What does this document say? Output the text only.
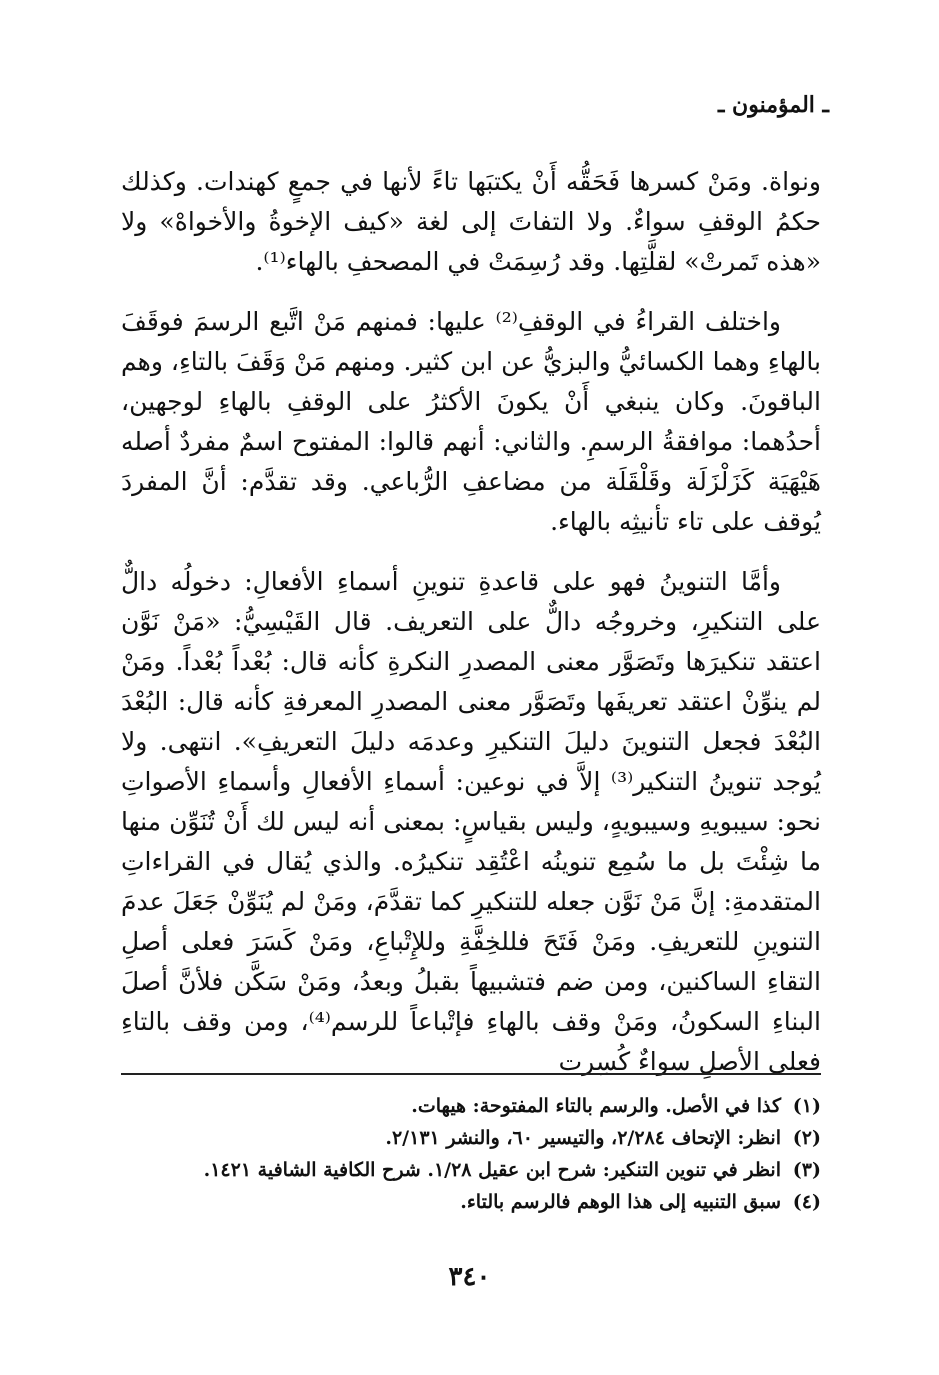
ـ المؤمنون ـ

ونواة. ومَنْ كسرها فَحَقُّه أَنْ يكتبَها تاءً لأنها في جمعٍ كهندات. وكذلك حكمُ الوقفِ سواءٌ. ولا التفاتَ إلى لغة «كيف الإخوةُ والأخواهْ» ولا «هذه تَمرتْ» لقلَّتِها. وقد رُسِمَتْ في المصحفِ بالهاء⁽¹⁾.

واختلف القراءُ في الوقفِ⁽²⁾ عليها: فمنهم مَنْ اتَّبع الرسمَ فوقَفَ بالهاءِ وهما الكسائيُّ والبزيُّ عن ابن كثير. ومنهم مَنْ وَقَفَ بالتاءِ، وهم الباقونَ. وكان ينبغي أَنْ يكونَ الأكثرُ على الوقفِ بالهاءِ لوجهين، أحدُهما: موافقةُ الرسمِ. والثاني: أنهم قالوا: المفتوح اسمٌ مفردٌ أصله هَيْهَيَة كَزَلْزَلَة وقَلْقَلَة من مضاعفِ الرُّباعي. وقد تقدَّم: أنَّ المفردَ يُوقف على تاء تأنيثِه بالهاء.

وأمَّا التنوينُ فهو على قاعدةِ تنوينِ أسماءِ الأفعالِ: دخولُه دالٌّ على التنكيرِ، وخروجُه دالٌّ على التعريف. قال القَيْسِيُّ: «مَنْ نَوَّن اعتقد تنكيرَها وتَصَوَّر معنى المصدرِ النكرةِ كأنه قال: بُعْداً بُعْداً. ومَنْ لم ينوِّنْ اعتقد تعريفَها وتَصَوَّر معنى المصدرِ المعرفةِ كأنه قال: البُعْدَ البُعْدَ فجعل التنوينَ دليلَ التنكيرِ وعدمَه دليلَ التعريفِ». انتهى. ولا يُوجد تنوينُ التنكير⁽³⁾ إلاَّ في نوعين: أسماءِ الأفعالِ وأسماءِ الأصواتِ نحو: سيبويهِ وسيبويهٍ، وليس بقياسٍ: بمعنى أنه ليس لك أَنْ تُنَوِّن منها ما شِئْتَ بل ما سُمِع تنوينُه اعْتُقِد تنكيرُه. والذي يُقال في القراءاتِ المتقدمةِ: إنَّ مَنْ نَوَّن جعله للتنكيرِ كما تقدَّمَ، ومَنْ لم يُنَوِّنْ جَعَلَ عدمَ التنوينِ للتعريفِ. ومَنْ فَتَحَ فللخِفَّةِ وللإِتْباعِ، ومَنْ كَسَرَ فعلى أصلِ التقاءِ الساكنين، ومن ضم فتشبيهاً بقبلُ وبعدُ، ومَنْ سَكَّن فلأنَّ أصلَ البناءِ السكونُ، ومَنْ وقف بالهاءِ فإتْباعاً للرسم⁽⁴⁾، ومن وقف بالتاءِ فعلى الأصلِ سواءٌ كُسِرت

(١)
كذا في الأصل. والرسم بالتاء المفتوحة: هيهات.
(٢)
انظر: الإتحاف ٢/٢٨٤، والتيسير ٦٠، والنشر ٢/١٣١.
(٣)
انظر في تنوين التنكير: شرح ابن عقيل ١/٢٨. شرح الكافية الشافية ١٤٢١.
(٤)
سبق التنبيه إلى هذا الوهم فالرسم بالتاء.
٣٤٠
